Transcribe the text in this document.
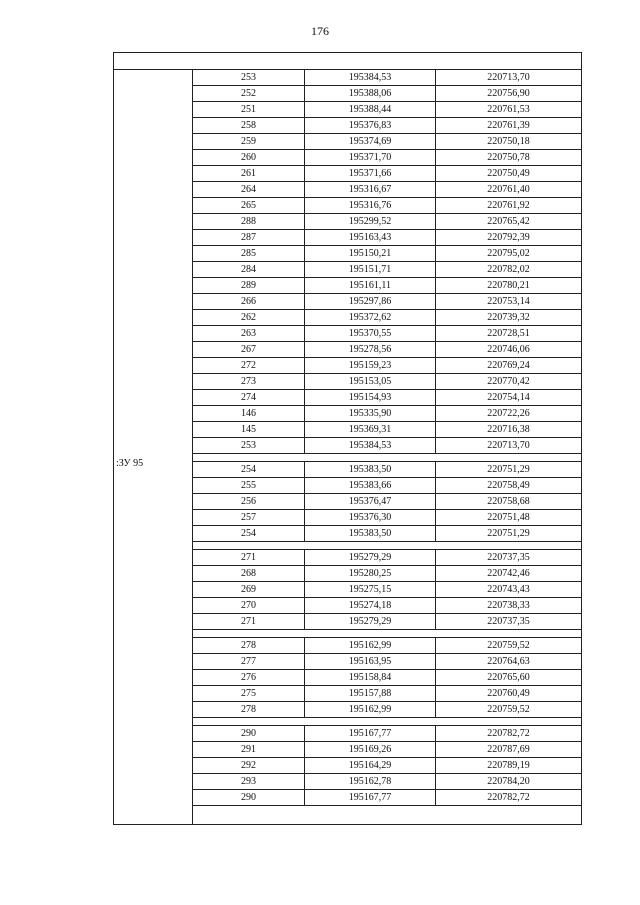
176
:ЗУ 95
253	195384,53	220713,70
252	195388,06	220756,90
251	195388,44	220761,53
258	195376,83	220761,39
259	195374,69	220750,18
260	195371,70	220750,78
261	195371,66	220750,49
264	195316,67	220761,40
265	195316,76	220761,92
288	195299,52	220765,42
287	195163,43	220792,39
285	195150,21	220795,02
284	195151,71	220782,02
289	195161,11	220780,21
266	195297,86	220753,14
262	195372,62	220739,32
263	195370,55	220728,51
267	195278,56	220746,06
272	195159,23	220769,24
273	195153,05	220770,42
274	195154,93	220754,14
146	195335,90	220722,26
145	195369,31	220716,38
253	195384,53	220713,70
254	195383,50	220751,29
255	195383,66	220758,49
256	195376,47	220758,68
257	195376,30	220751,48
254	195383,50	220751,29
271	195279,29	220737,35
268	195280,25	220742,46
269	195275,15	220743,43
270	195274,18	220738,33
271	195279,29	220737,35
278	195162,99	220759,52
277	195163,95	220764,63
276	195158,84	220765,60
275	195157,88	220760,49
278	195162,99	220759,52
290	195167,77	220782,72
291	195169,26	220787,69
292	195164,29	220789,19
293	195162,78	220784,20
290	195167,77	220782,72
